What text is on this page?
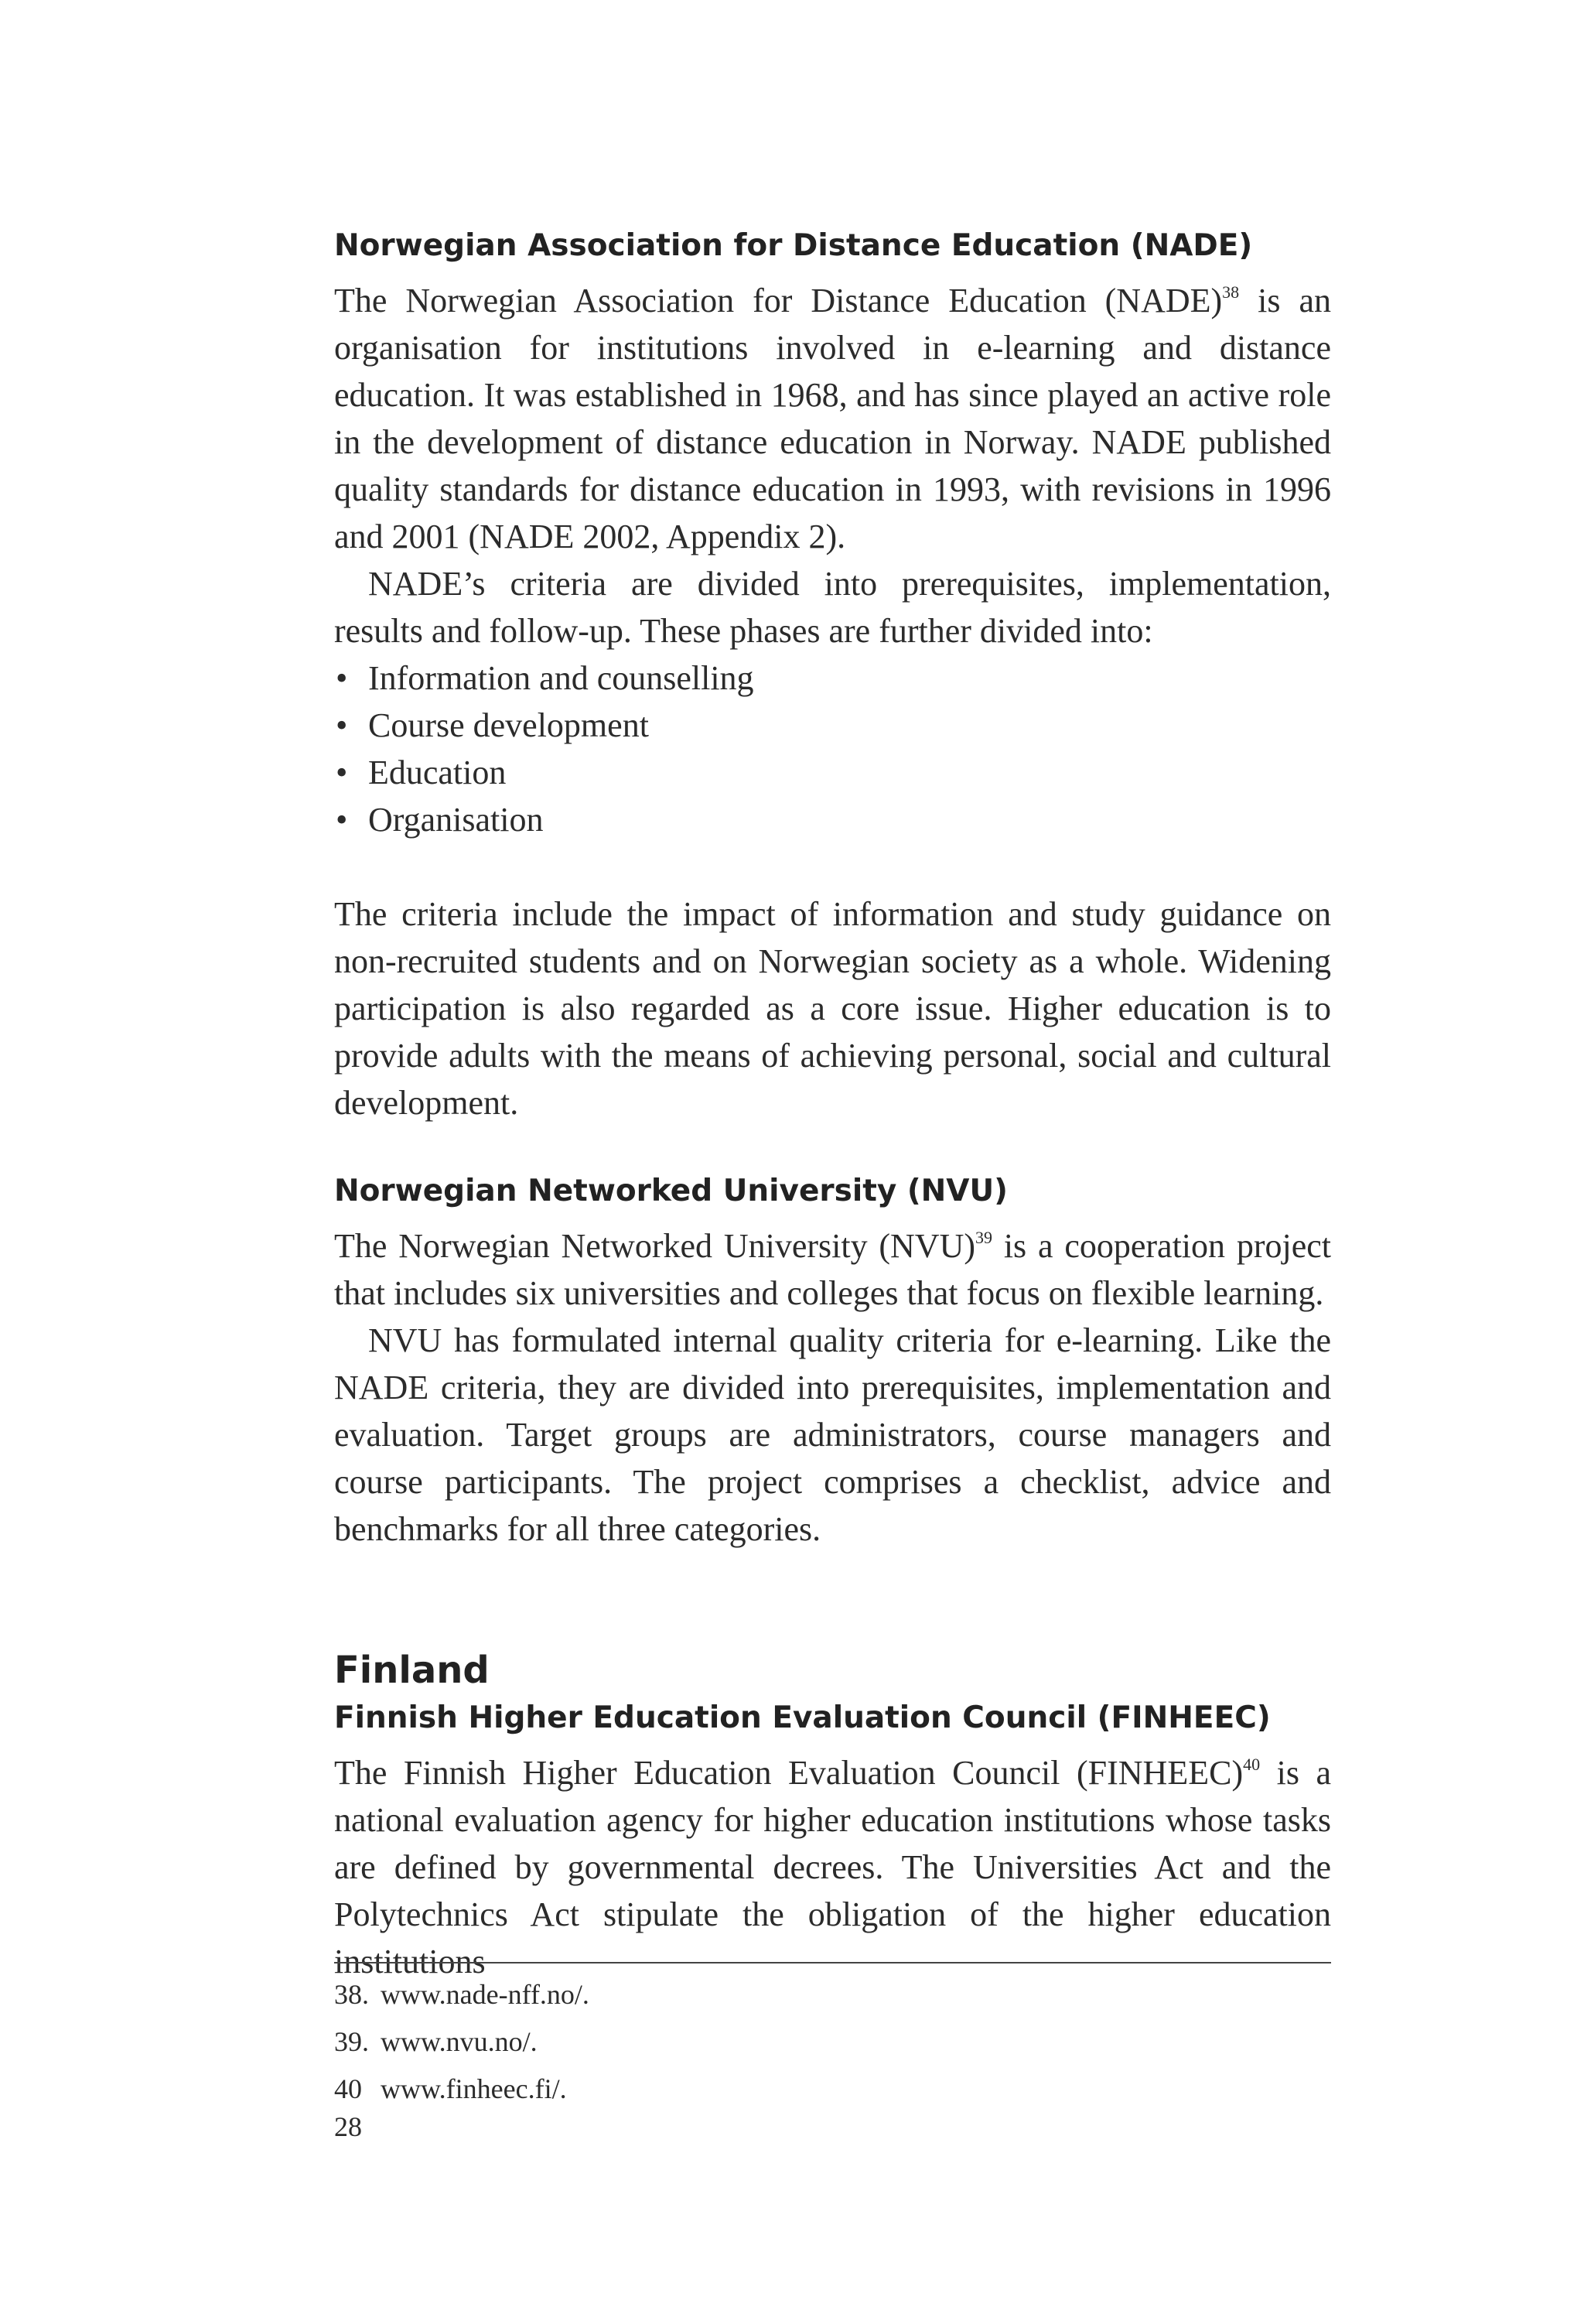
Norwegian Association for Distance Education (NADE)

The Norwegian Association for Distance Education (NADE)$^{38}$ is an organisation for institutions involved in e-learning and distance education. It was established in 1968, and has since played an active role in the development of distance education in Norway. NADE published quality standards for distance education in 1993, with revisions in 1996 and 2001 (NADE 2002, Appendix 2).

NADE’s criteria are divided into prerequisites, implementation, results and follow-up. These phases are further divided into:

• Information and counselling
• Course development
• Education
• Organisation

The criteria include the impact of information and study guidance on non-recruited students and on Norwegian society as a whole. Widening participation is also regarded as a core issue. Higher education is to provide adults with the means of achieving personal, social and cultural development.

Norwegian Networked University (NVU)

The Norwegian Networked University (NVU)$^{39}$ is a cooperation project that includes six universities and colleges that focus on flexible learning.

NVU has formulated internal quality criteria for e-learning. Like the NADE criteria, they are divided into prerequisites, implementation and evaluation. Target groups are administrators, course managers and course participants. The project comprises a checklist, advice and benchmarks for all three categories.

Finland
Finnish Higher Education Evaluation Council (FINHEEC)

The Finnish Higher Education Evaluation Council (FINHEEC)$^{40}$ is a national evaluation agency for higher education institutions whose tasks are defined by governmental decrees. The Universities Act and the Polytechnics Act stipulate the obligation of the higher education institutions

38. www.nade-nff.no/.
39. www.nvu.no/.
40 www.finheec.fi/.
28
